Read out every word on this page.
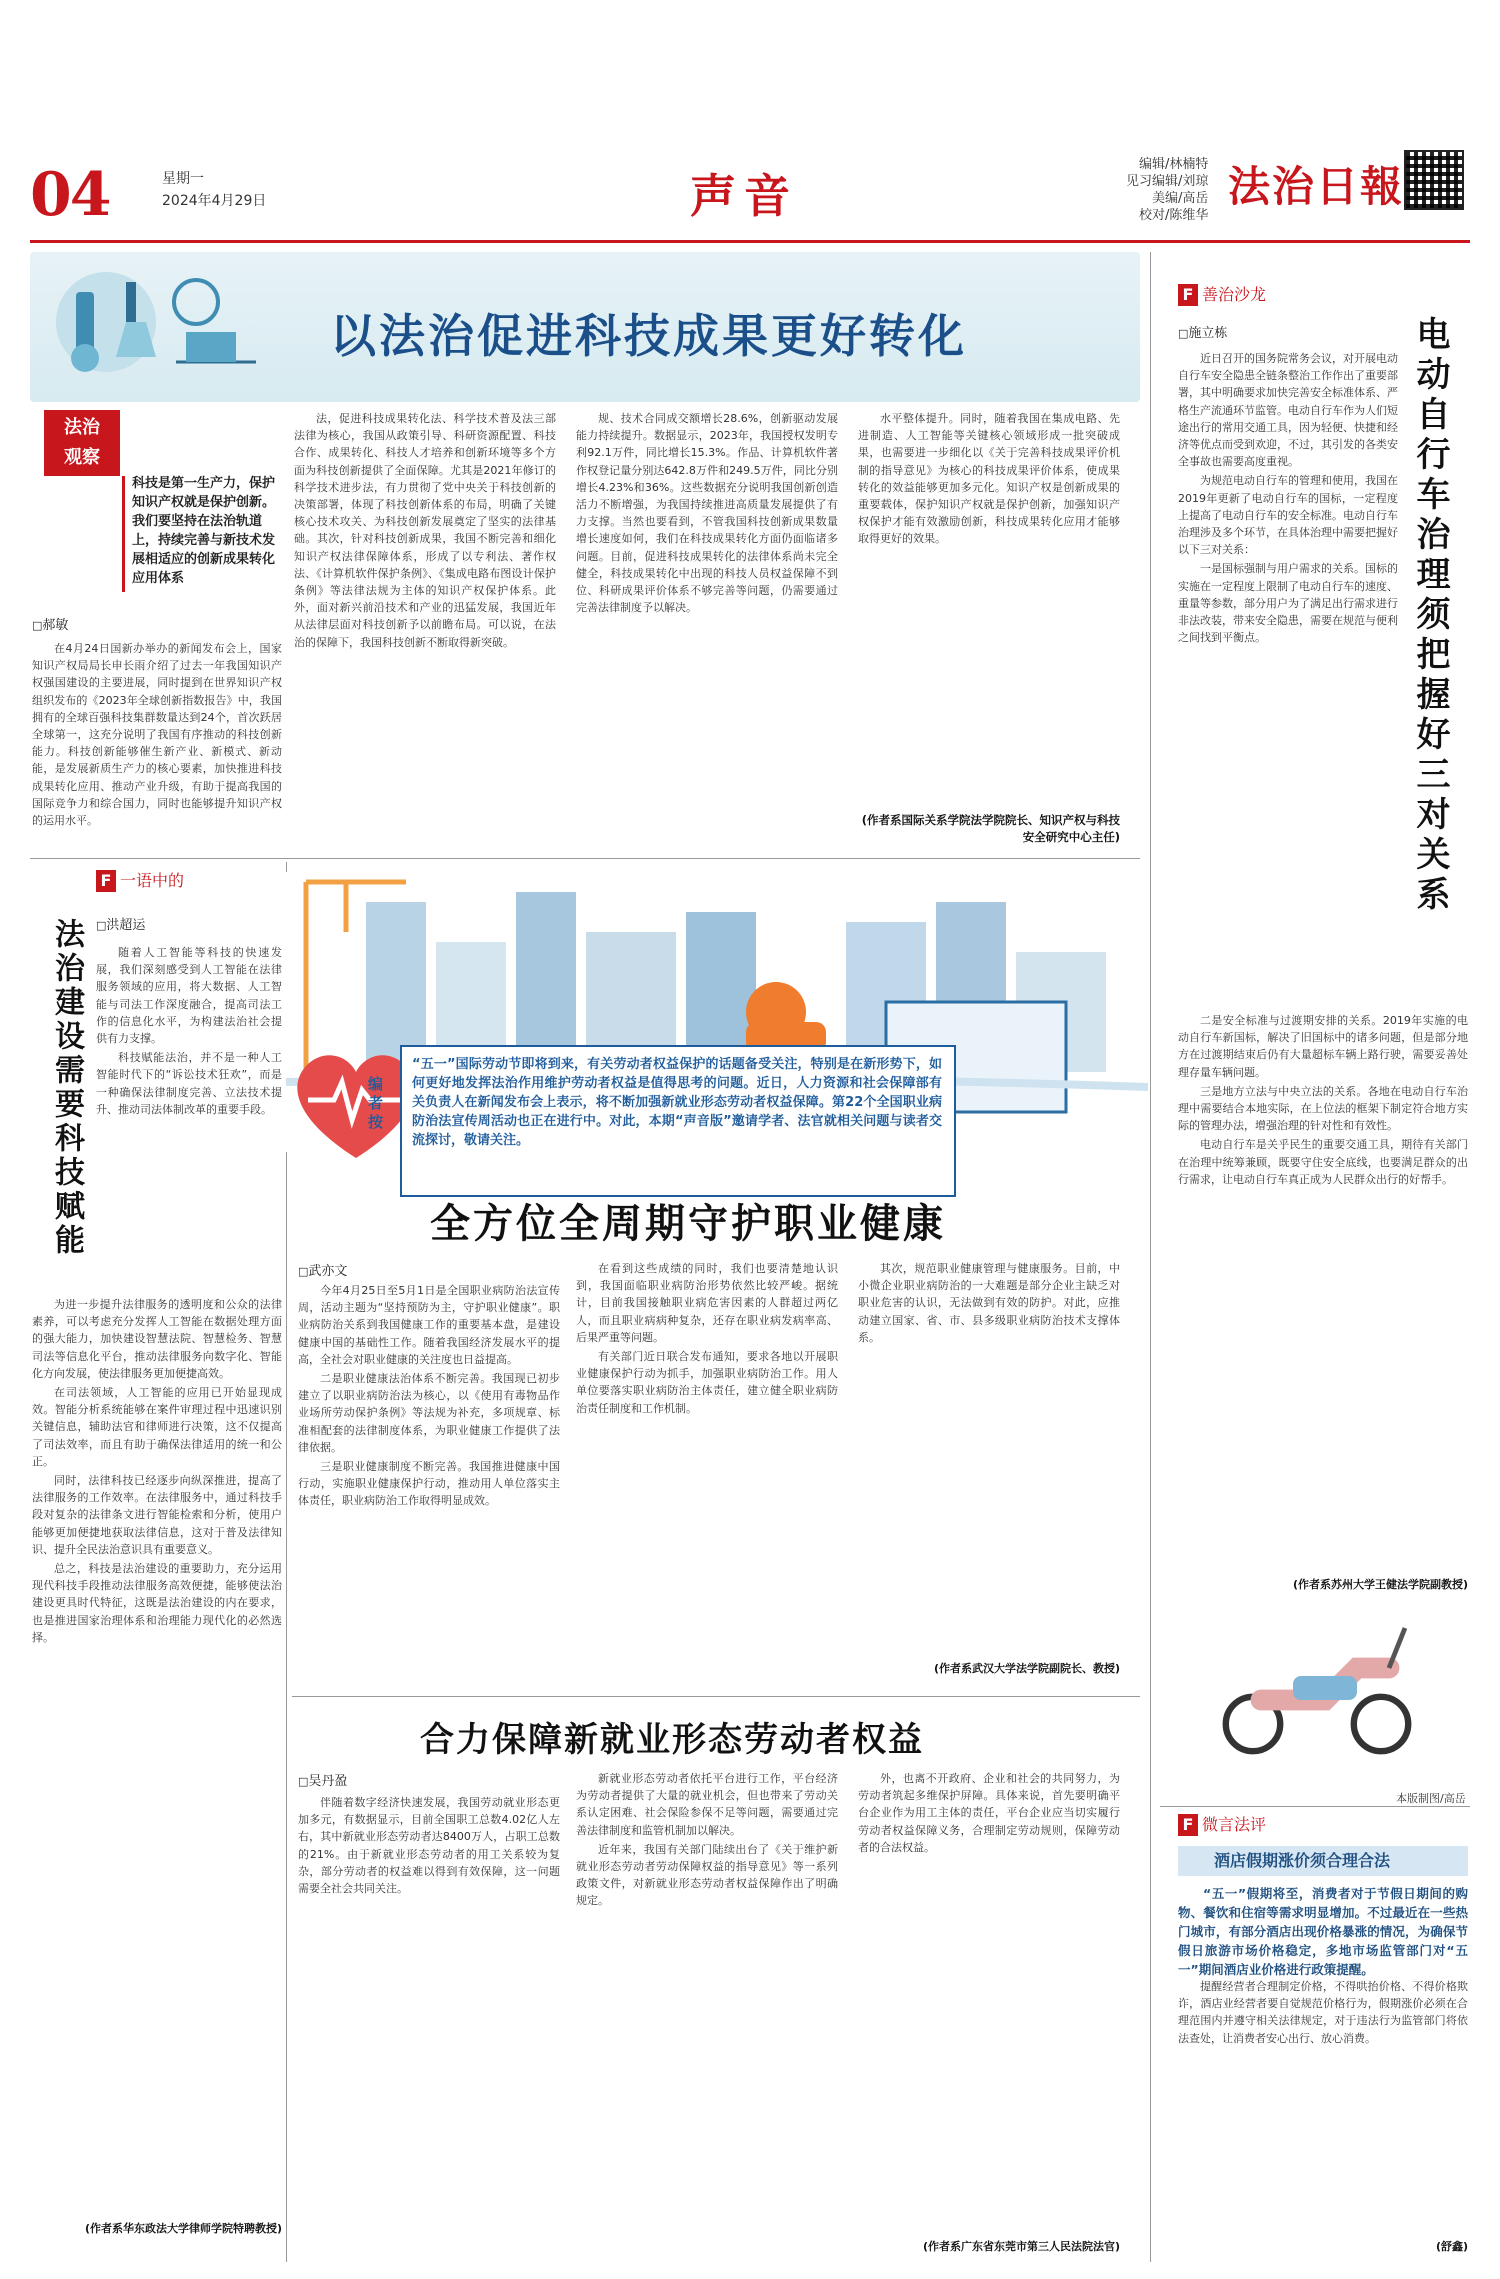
04	星期一
2024年4月29日	声音
编辑/林楠特
见习编辑/刘琼
美编/高岳
校对/陈维华
法治日報
以法治促进科技成果更好转化
法治
观察
科技是第一生产力，保护知识产权就是保护创新。我们要坚持在法治轨道上，持续完善与新技术发展相适应的创新成果转化应用体系
□ 郝敏

在4月24日国新办举办的新闻发布会上，国家知识产权局局长申长雨介绍了过去一年我国知识产权强国建设的主要进展，同时提到在世界知识产权组织发布的《2023年全球创新指数报告》中，我国拥有的全球百强科技集群数量达到24个，首次跃居全球第一，这充分说明了我国有序推动的科技创新能力。科技创新能够催生新产业、新模式、新动能，是发展新质生产力的核心要素，加快推进科技成果转化应用、推动产业升级，有助于提高我国的国际竞争力和综合国力，同时也能够提升知识产权的运用水平。

法，促进科技成果转化法、科学技术普及法三部法律为核心，我国从政策引导、科研资源配置、科技合作、成果转化、科技人才培养和创新环境等多个方面为科技创新提供了全面保障。尤其是2021年修订的科学技术进步法，有力贯彻了党中央关于科技创新的决策部署，体现了科技创新体系的布局，明确了关键核心技术攻关、为科技创新发展奠定了坚实的法律基础。其次，针对科技创新成果，我国不断完善和细化知识产权法律保障体系，形成了以专利法、著作权法、《计算机软件保护条例》、《集成电路布图设计保护条例》等法律法规为主体的知识产权保护体系。此外，面对新兴前沿技术和产业的迅猛发展，我国近年从法律层面对科技创新予以前瞻布局。可以说，在法治的保障下，我国科技创新不断取得新突破。

规、技术合同成交额增长28.6%，创新驱动发展能力持续提升。数据显示，2023年，我国授权发明专利92.1万件，同比增长15.3%。作品、计算机软件著作权登记量分别达642.8万件和249.5万件，同比分别增长4.23%和36%。这些数据充分说明我国创新创造活力不断增强，为我国持续推进高质量发展提供了有力支撑。当然也要看到，不管我国科技创新成果数量增长速度如何，我们在科技成果转化方面仍面临诸多问题。目前，促进科技成果转化的法律体系尚未完全健全，科技成果转化中出现的科技人员权益保障不到位、科研成果评价体系不够完善等问题，仍需要通过完善法律制度予以解决。

水平整体提升。同时，随着我国在集成电路、先进制造、人工智能等关键核心领域形成一批突破成果，也需要进一步细化以《关于完善科技成果评价机制的指导意见》为核心的科技成果评价体系，使成果转化的效益能够更加多元化。知识产权是创新成果的重要载体，保护知识产权就是保护创新，加强知识产权保护才能有效激励创新，科技成果转化应用才能够取得更好的效果。

(作者系国际关系学院法学院院长、知识产权与科技安全研究中心主任)
F 一语中的
法治建设需要科技赋能
□	洪超运

随着人工智能等科技的快速发展，我们深刻感受到人工智能在法律服务领域的应用，将大数据、人工智能与司法工作深度融合，提高司法工作的信息化水平，为构建法治社会提供有力支撑。

科技赋能法治，并不是一种人工智能时代下的“诉讼技术狂欢”，而是一种确保法律制度完善、立法技术提升、推动司法体制改革的重要手段。

为进一步提升法律服务的透明度和公众的法律素养，可以考虑充分发挥人工智能在数据处理方面的强大能力，加快建设智慧法院、智慧检务、智慧司法等信息化平台，推动法律服务向数字化、智能化方向发展，使法律服务更加便捷高效。

在司法领域，人工智能的应用已开始显现成效。智能分析系统能够在案件审理过程中迅速识别关键信息，辅助法官和律师进行决策，这不仅提高了司法效率，而且有助于确保法律适用的统一和公正。

同时，法律科技已经逐步向纵深推进，提高了法律服务的工作效率。在法律服务中，通过科技手段对复杂的法律条文进行智能检索和分析，使用户能够更加便捷地获取法律信息，这对于普及法律知识、提升全民法治意识具有重要意义。

总之，科技是法治建设的重要助力，充分运用现代科技手段推动法律服务高效便捷，能够使法治建设更具时代特征，这既是法治建设的内在要求，也是推进国家治理体系和治理能力现代化的必然选择。

(作者系华东政法大学律师学院特聘教授)
编者按
“五一”国际劳动节即将到来，有关劳动者权益保护的话题备受关注，特别是在新形势下，如何更好地发挥法治作用维护劳动者权益是值得思考的问题。近日，人力资源和社会保障部有关负责人在新闻发布会上表示，将不断加强新就业形态劳动者权益保障。第22个全国职业病防治法宣传周活动也正在进行中。对此，本期“声音版”邀请学者、法官就相关问题与读者交流探讨，敬请关注。
全方位全周期守护职业健康
□ 武亦文

今年4月25日至5月1日是全国职业病防治法宣传周，活动主题为“坚持预防为主，守护职业健康”。职业病防治关系到我国健康工作的重要基本盘，是建设健康中国的基础性工作。随着我国经济发展水平的提高，全社会对职业健康的关注度也日益提高。

二是职业健康法治体系不断完善。我国现已初步建立了以职业病防治法为核心，以《使用有毒物品作业场所劳动保护条例》等法规为补充，多项规章、标准相配套的法律制度体系，为职业健康工作提供了法律依据。

三是职业健康制度不断完善。我国推进健康中国行动，实施职业健康保护行动，推动用人单位落实主体责任，职业病防治工作取得明显成效。

在看到这些成绩的同时，我们也要清楚地认识到，我国面临职业病防治形势依然比较严峻。据统计，目前我国接触职业病危害因素的人群超过两亿人，而且职业病病种复杂，还存在职业病发病率高、后果严重等问题。

有关部门近日联合发布通知，要求各地以开展职业健康保护行动为抓手，加强职业病防治工作。用人单位要落实职业病防治主体责任，建立健全职业病防治责任制度和工作机制。

其次，规范职业健康管理与健康服务。目前，中小微企业职业病防治的一大难题是部分企业主缺乏对职业危害的认识，无法做到有效的防护。对此，应推动建立国家、省、市、县多级职业病防治技术支撑体系。

(作者系武汉大学法学院副院长、教授)
合力保障新就业形态劳动者权益
□ 吴丹盈

伴随着数字经济快速发展，我国劳动就业形态更加多元，有数据显示，目前全国职工总数4.02亿人左右，其中新就业形态劳动者达8400万人，占职工总数的21%。由于新就业形态劳动者的用工关系较为复杂，部分劳动者的权益难以得到有效保障，这一问题需要全社会共同关注。

新就业形态劳动者依托平台进行工作，平台经济为劳动者提供了大量的就业机会，但也带来了劳动关系认定困难、社会保险参保不足等问题，需要通过完善法律制度和监管机制加以解决。

近年来，我国有关部门陆续出台了《关于维护新就业形态劳动者劳动保障权益的指导意见》等一系列政策文件，对新就业形态劳动者权益保障作出了明确规定。

外，也离不开政府、企业和社会的共同努力，为劳动者筑起多维保护屏障。具体来说，首先要明确平台企业作为用工主体的责任，平台企业应当切实履行劳动者权益保障义务，合理制定劳动规则，保障劳动者的合法权益。

(作者系广东省东莞市第三人民法院法官)
F 善治沙龙
□ 施立栋	电动自行车治理须把握好三对关系

近日召开的国务院常务会议，对开展电动自行车安全隐患全链条整治工作作出了重要部署，其中明确要求加快完善安全标准体系、严格生产流通环节监管。电动自行车作为人们短途出行的常用交通工具，因为轻便、快捷和经济等优点而受到欢迎，不过，其引发的各类安全事故也需要高度重视。

为规范电动自行车的管理和使用，我国在2019年更新了电动自行车的国标，一定程度上提高了电动自行车的安全标准。电动自行车治理涉及多个环节，在具体治理中需要把握好以下三对关系：

一是国标强制与用户需求的关系。国标的实施在一定程度上限制了电动自行车的速度、重量等参数，部分用户为了满足出行需求进行非法改装，带来安全隐患，需要在规范与便利之间找到平衡点。

二是安全标准与过渡期安排的关系。2019年实施的电动自行车新国标，解决了旧国标中的诸多问题，但是部分地方在过渡期结束后仍有大量超标车辆上路行驶，需要妥善处理存量车辆问题。

三是地方立法与中央立法的关系。各地在电动自行车治理中需要结合本地实际，在上位法的框架下制定符合地方实际的管理办法，增强治理的针对性和有效性。

电动自行车是关乎民生的重要交通工具，期待有关部门在治理中统筹兼顾，既要守住安全底线，也要满足群众的出行需求，让电动自行车真正成为人民群众出行的好帮手。

(作者系苏州大学王健法学院副教授)
本版制图/高岳
F 微言法评
酒店假期涨价须合理合法
“五一”假期将至，消费者对于节假日期间的购物、餐饮和住宿等需求明显增加。不过最近在一些热门城市，有部分酒店出现价格暴涨的情况，为确保节假日旅游市场价格稳定，多地市场监管部门对“五一”期间酒店业价格进行政策提醒。

提醒经营者合理制定价格，不得哄抬价格、不得价格欺诈，酒店业经营者要自觉规范价格行为，假期涨价必须在合理范围内并遵守相关法律规定，对于违法行为监管部门将依法查处，让消费者安心出行、放心消费。

(舒鑫)
